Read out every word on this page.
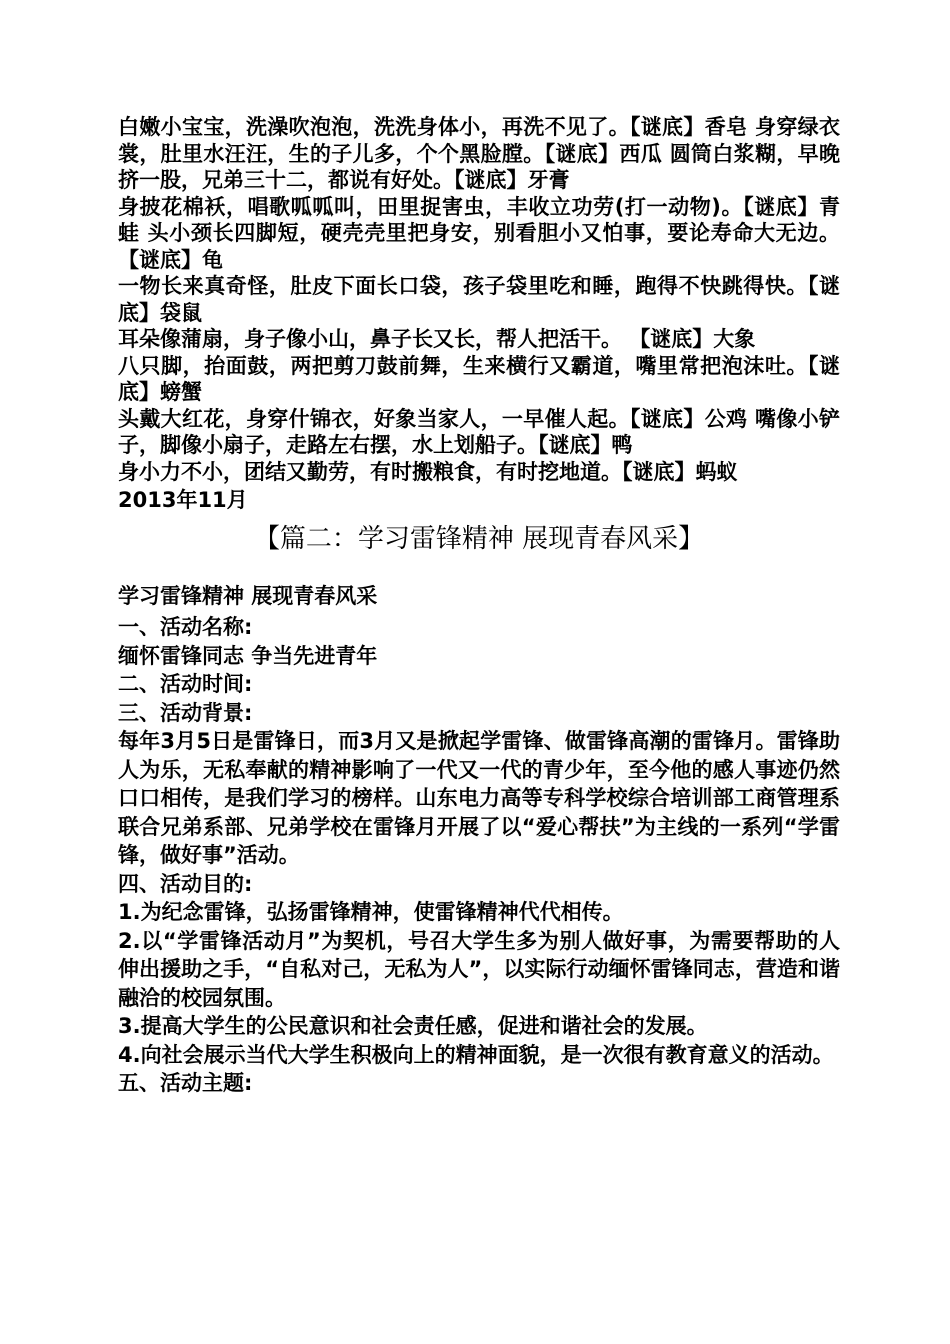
白嫩小宝宝，洗澡吹泡泡，洗洗身体小，再洗不见了。【谜底】香皂 身穿绿衣裳，肚里水汪汪，生的子儿多，个个黑脸膛。【谜底】西瓜 圆筒白浆糊，早晚挤一股，兄弟三十二，都说有好处。【谜底】牙膏

身披花棉袄，唱歌呱呱叫，田里捉害虫，丰收立功劳(打一动物)。【谜底】青蛙 头小颈长四脚短，硬壳壳里把身安，别看胆小又怕事，要论寿命大无边。【谜底】龟

一物长来真奇怪，肚皮下面长口袋，孩子袋里吃和睡，跑得不快跳得快。【谜底】袋鼠

耳朵像蒲扇，身子像小山，鼻子长又长，帮人把活干。 【谜底】大象

八只脚，抬面鼓，两把剪刀鼓前舞，生来横行又霸道，嘴里常把泡沫吐。【谜底】螃蟹

头戴大红花，身穿什锦衣，好象当家人，一早催人起。【谜底】公鸡 嘴像小铲子，脚像小扇子，走路左右摆，水上划船子。【谜底】鸭

身小力不小，团结又勤劳，有时搬粮食，有时挖地道。【谜底】蚂蚁

2013年11月

【篇二：学习雷锋精神 展现青春风采】

学习雷锋精神 展现青春风采

一、活动名称:

缅怀雷锋同志 争当先进青年

二、活动时间:

三、活动背景:

每年3月5日是雷锋日，而3月又是掀起学雷锋、做雷锋高潮的雷锋月。雷锋助人为乐，无私奉献的精神影响了一代又一代的青少年，至今他的感人事迹仍然口口相传，是我们学习的榜样。山东电力高等专科学校综合培训部工商管理系联合兄弟系部、兄弟学校在雷锋月开展了以“爱心帮扶”为主线的一系列“学雷锋，做好事”活动。

四、活动目的:

1.为纪念雷锋，弘扬雷锋精神，使雷锋精神代代相传。

2.以“学雷锋活动月”为契机，号召大学生多为别人做好事，为需要帮助的人伸出援助之手，“自私对己，无私为人”，以实际行动缅怀雷锋同志，营造和谐融洽的校园氛围。

3.提高大学生的公民意识和社会责任感，促进和谐社会的发展。

4.向社会展示当代大学生积极向上的精神面貌，是一次很有教育意义的活动。

五、活动主题:
